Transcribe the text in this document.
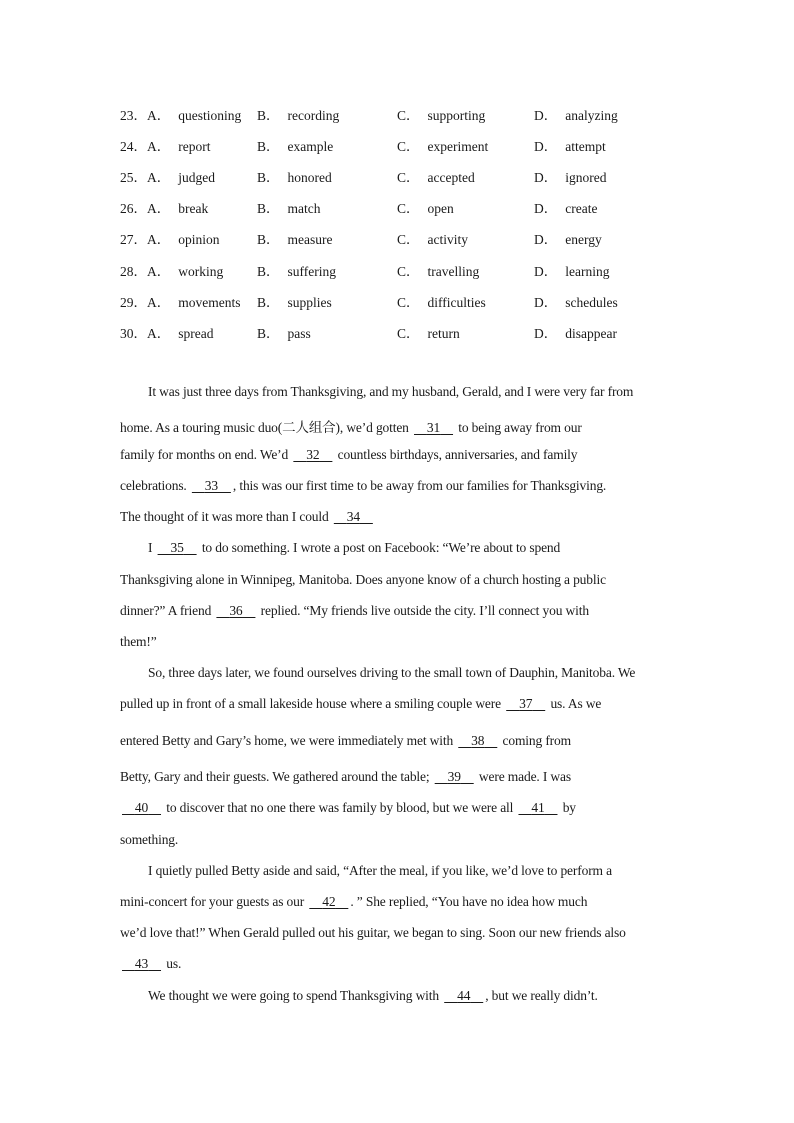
23． A． questioning B． recording	C． supporting	D． analyzing
24． A． report	B． example	C． experiment	D． attempt
25． A． judged	B． honored	C． accepted	D． ignored
26． A． break	B． match	C． open	D． create
27． A． opinion	B． measure	C． activity	D． energy
28． A． working	B． suffering	C． travelling	D． learning
29． A． movements B． supplies	C． difficulties	D． schedules
30． A． spread	B． pass	C． return	D． disappear
It was just three days from Thanksgiving, and my husband, Gerald, and I were very far from
home. As a touring music duo(二人组合), we’d gotten 31 to being away from our
family for months on end. We’d 32 countless birthdays, anniversaries, and family
celebrations. 33 , this was our first time to be away from our families for Thanksgiving.
The thought of it was more than I could 34
I 35 to do something. I wrote a post on Facebook: “We’re about to spend
Thanksgiving alone in Winnipeg, Manitoba. Does anyone know of a church hosting a public
dinner?” A friend 36 replied. “My friends live outside the city. I’ll connect you with
them!”
So, three days later, we found ourselves driving to the small town of Dauphin, Manitoba. We
pulled up in front of a small lakeside house where a smiling couple were 37 us. As we
entered Betty and Gary’s home, we were immediately met with 38 coming from
Betty, Gary and their guests. We gathered around the table; 39 were made. I was
40 to discover that no one there was family by blood, but we were all 41 by
something.
I quietly pulled Betty aside and said, “After the meal, if you like, we’d love to perform a
mini-concert for your guests as our 42 . ” She replied, “You have no idea how much
we’d love that!” When Gerald pulled out his guitar, we began to sing. Soon our new friends also
43 us.
We thought we were going to spend Thanksgiving with 44 , but we really didn’t.
